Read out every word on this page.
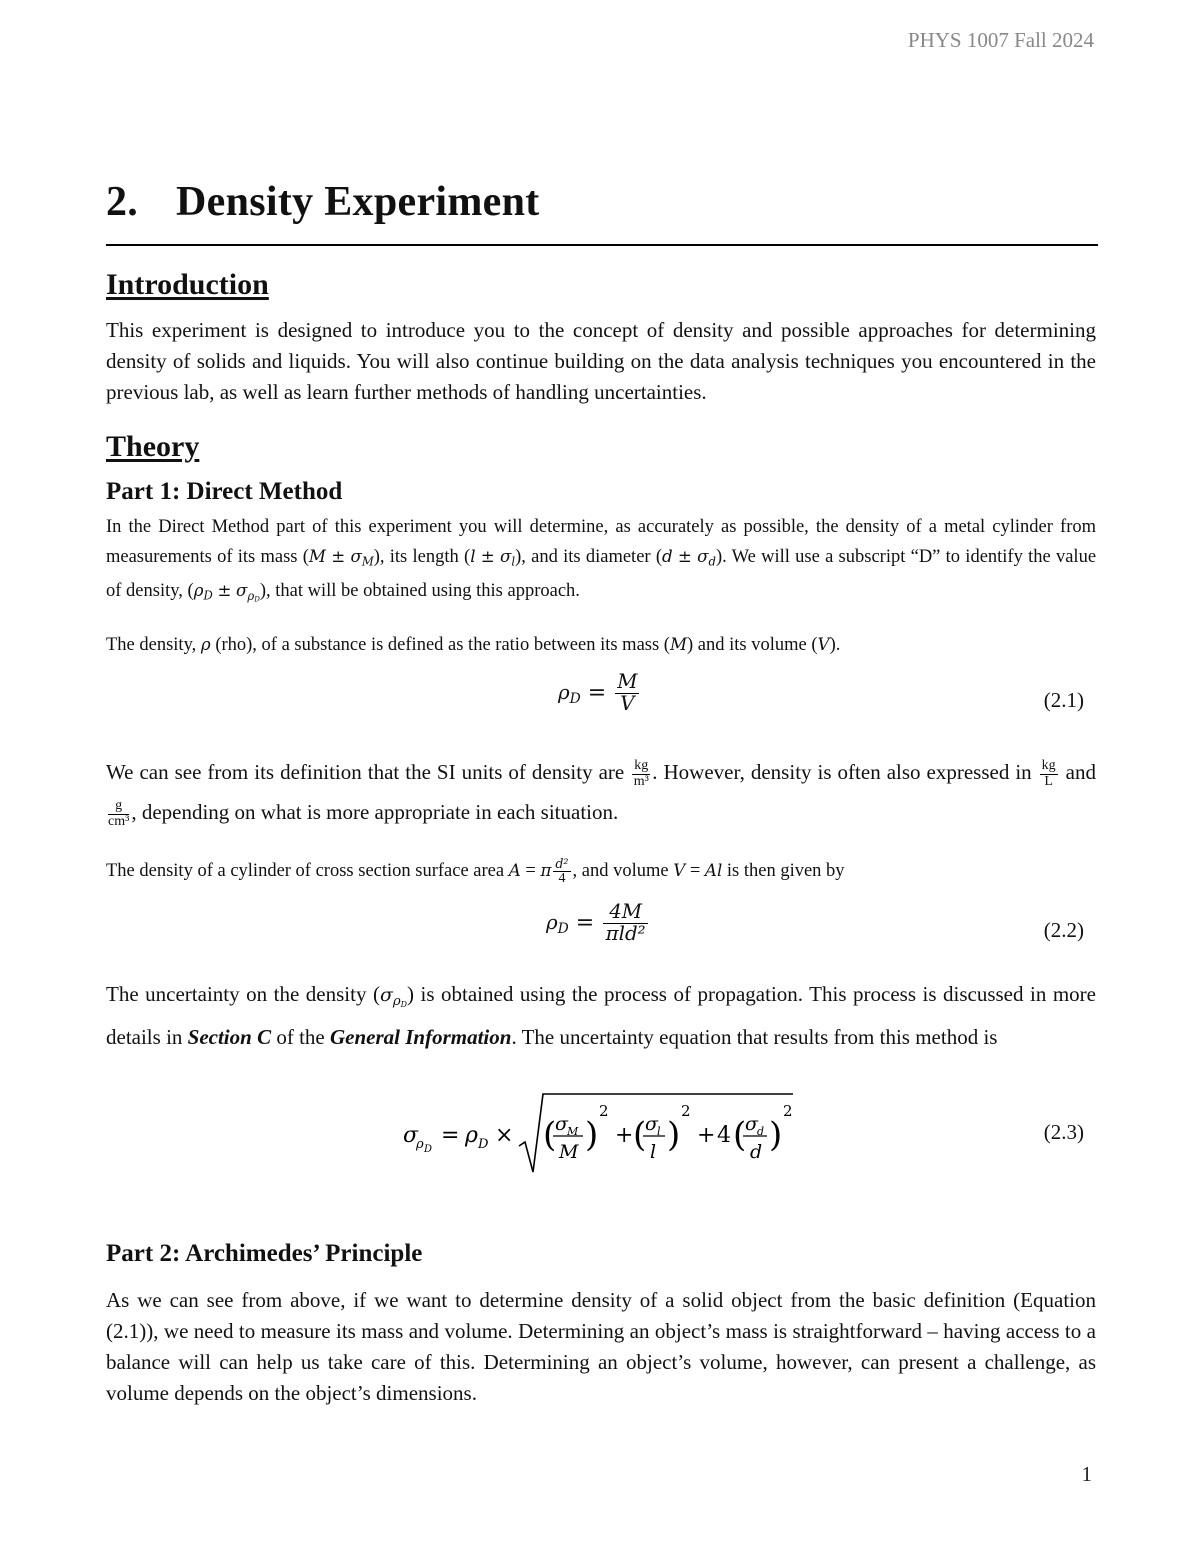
PHYS 1007 Fall 2024
2. Density Experiment
Introduction

This experiment is designed to introduce you to the concept of density and possible approaches for determining density of solids and liquids. You will also continue building on the data analysis techniques you encountered in the previous lab, as well as learn further methods of handling uncertainties.

Theory
Part 1: Direct Method

In the Direct Method part of this experiment you will determine, as accurately as possible, the density of a metal cylinder from measurements of its mass $(M \pm \sigma_M)$, its length $(l \pm \sigma_l)$, and its diameter $(d \pm \sigma_d)$. We will use a subscript “D” to identify the value of density, $(\rho_D \pm \sigma_{\rho D})$, that will be obtained using this approach.

The density, ρ (rho), of a substance is defined as the ratio between its mass (M) and its volume (V).

$\rho_D = \frac{M}{V}$	(2.1)

We can see from its definition that the SI units of density are $\frac{kg}{\text{m³}}$ . However, density is often also expressed in $\frac{kg}{L}$ and
$\frac{g}{\text{cm³}}$ , depending on what is more appropriate in each situation.

The density of a cylinder of cross section surface area A = π $\frac{\text{d²}}{4}$ , and volume V = Al is then given by

$\rho_D = \frac{4M}{\text{πld²}}$	(2.2)

The uncertainty on the density $(\sigma_{\rho D})$ is obtained using the process of propagation. This process is discussed in more details in Section C of the General Information. The uncertainty equation that results from this method is

σ
ρ D
= ρ D × (
σ M
M )
2
+ (
σ l
l )
2
+ 4 (
σ d
d )
2
(2.3)
Part 2: Archimedes’ Principle

As we can see from above, if we want to determine density of a solid object from the basic definition (Equation (2.1)), we need to measure its mass and volume. Determining an object’s mass is straightforward – having access to a balance will can help us take care of this. Determining an object’s volume, however, can present a challenge, as volume depends on the object’s dimensions.

1
